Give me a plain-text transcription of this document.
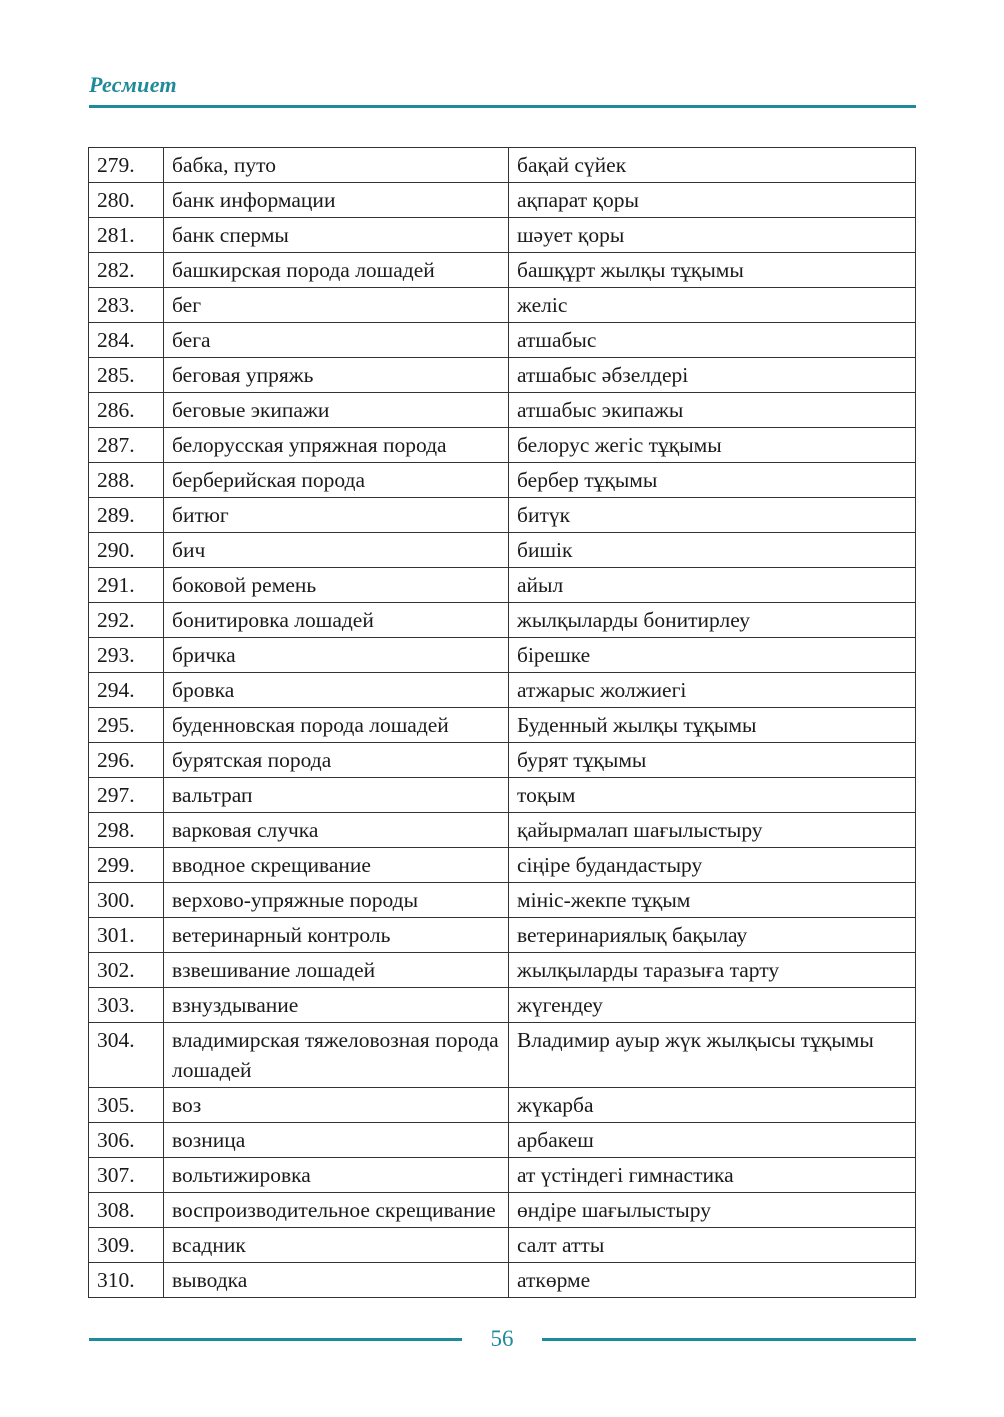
Ресмиет
279.	бабка, путо	бақай сүйек
280.	банк информации	ақпарат қоры
281.	банк спермы	шәует қоры
282.	башкирская порода лошадей	башқұрт жылқы тұқымы
283.	бег	желіс
284.	бега	атшабыс
285.	беговая упряжь	атшабыс әбзелдері
286.	беговые экипажи	атшабыс экипажы
287.	белорусская упряжная порода	белорус жегіс тұқымы
288.	берберийская порода	бербер тұқымы
289.	битюг	битүк
290.	бич	бишік
291.	боковой ремень	айыл
292.	бонитировка лошадей	жылқыларды бонитирлеу
293.	бричка	бірешке
294.	бровка	атжарыс жолжиегі
295.	буденновская порода лошадей	Буденный жылқы тұқымы
296.	бурятская порода	бурят тұқымы
297.	вальтрап	тоқым
298.	варковая случка	қайырмалап шағылыстыру
299.	вводное скрещивание	сіңіре будандастыру
300.	верхово-упряжные породы	мініс-жекпе тұқым
301.	ветеринарный контроль	ветеринариялық бақылау
302.	взвешивание лошадей	жылқыларды таразыға тарту
303.	взнуздывание	жүгендеу
304.	владимирская тяжеловозная порода лошадей	Владимир ауыр жүк жылқысы тұқымы
305.	воз	жүкарба
306.	возница	арбакеш
307.	вольтижировка	ат үстіндегі гимнастика
308.	воспроизводительное скрещивание	өндіре шағылыстыру
309.	всадник	салт атты
310.	выводка	аткөрме
56
